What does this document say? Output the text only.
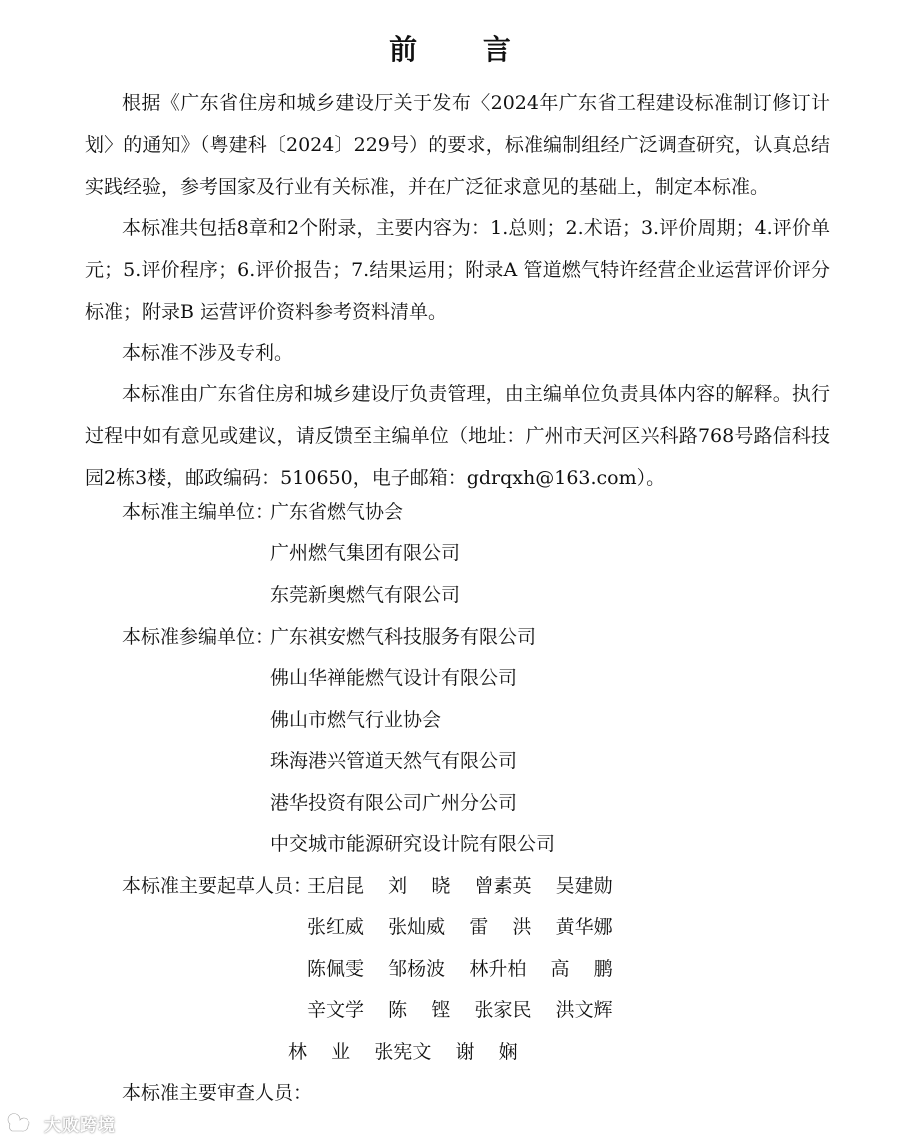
前 言

根据《广东省住房和城乡建设厅关于发布〈2024年广东省工程建设标准制订修订计划〉的通知》（粤建科〔2024〕229号）的要求，标准编制组经广泛调查研究，认真总结实践经验，参考国家及行业有关标准，并在广泛征求意见的基础上，制定本标准。

本标准共包括8章和2个附录，主要内容为：1.总则；2.术语；3.评价周期；4.评价单元；5.评价程序；6.评价报告；7.结果运用；附录A 管道燃气特许经营企业运营评价评分标准；附录B 运营评价资料参考资料清单。

本标准不涉及专利。

本标准由广东省住房和城乡建设厅负责管理，由主编单位负责具体内容的解释。执行过程中如有意见或建议，请反馈至主编单位（地址：广州市天河区兴科路768号路信科技园2栋3楼，邮政编码：510650，电子邮箱：gdrqxh@163.com）。

本标准主编单位：
广东省燃气协会
广州燃气集团有限公司
东莞新奥燃气有限公司
本标准参编单位：
广东祺安燃气科技服务有限公司
佛山华禅能燃气设计有限公司
佛山市燃气行业协会
珠海港兴管道天然气有限公司
港华投资有限公司广州分公司
中交城市能源研究设计院有限公司
本标准主要起草人员：
王启昆    刘    晓    曾素英    吴建勋
张红威    张灿威    雷    洪    黄华娜
陈佩雯    邹杨波    林升柏    高    鹏
辛文学    陈    铿    张家民    洪文辉
林    业    张宪文    谢    娴
本标准主要审查人员：
大败跨境
